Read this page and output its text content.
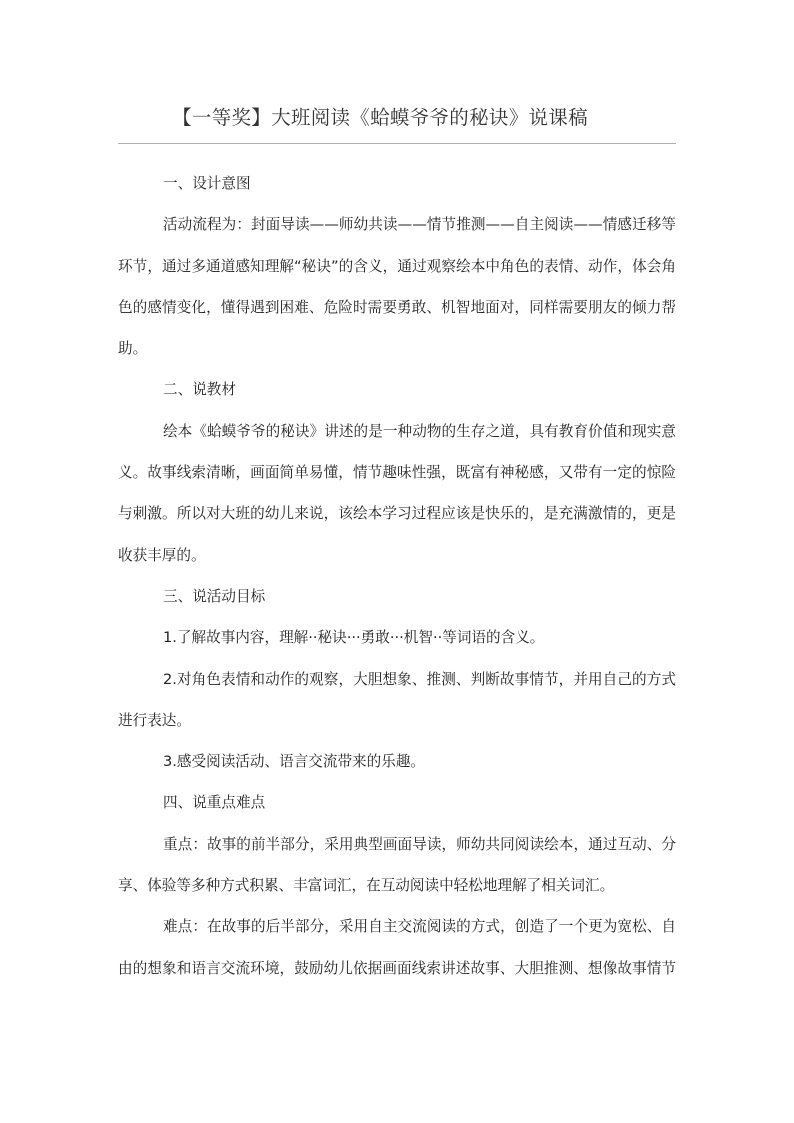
【一等奖】大班阅读《蛤蟆爷爷的秘诀》说课稿

一、设计意图

活动流程为：封面导读——师幼共读——情节推测——自主阅读——情感迁移等环节，通过多通道感知理解“秘诀”的含义，通过观察绘本中角色的表情、动作，体会角色的感情变化，懂得遇到困难、危险时需要勇敢、机智地面对，同样需要朋友的倾力帮助。

二、说教材

绘本《蛤蟆爷爷的秘诀》讲述的是一种动物的生存之道，具有教育价值和现实意义。故事线索清晰，画面简单易懂，情节趣味性强，既富有神秘感，又带有一定的惊险与刺激。所以对大班的幼儿来说，该绘本学习过程应该是快乐的，是充满激情的，更是收获丰厚的。

三、说活动目标

1.了解故事内容，理解··秘诀···勇敢···机智··等词语的含义。

2.对角色表情和动作的观察，大胆想象、推测、判断故事情节，并用自己的方式进行表达。

3.感受阅读活动、语言交流带来的乐趣。

四、说重点难点

重点：故事的前半部分，采用典型画面导读，师幼共同阅读绘本，通过互动、分享、体验等多种方式积累、丰富词汇，在互动阅读中轻松地理解了相关词汇。

难点：在故事的后半部分，采用自主交流阅读的方式，创造了一个更为宽松、自由的想象和语言交流环境，鼓励幼儿依据画面线索讲述故事、大胆推测、想像故事情节
